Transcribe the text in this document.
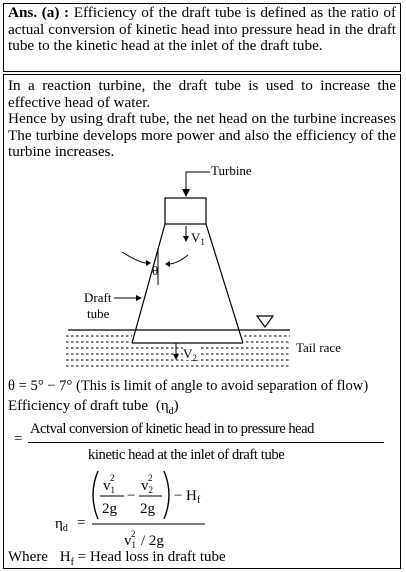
Ans. (a) : Efficiency of the draft tube is defined as the ratio of actual conversion of kinetic head into pressure head in the draft tube to the kinetic head at the inlet of the draft tube.

In a reaction turbine, the draft tube is used to increase the effective head of water.

Hence by using draft tube, the net head on the turbine increases The turbine develops more power and also the efficiency of the turbine increases.

Turbine
$V_1$
θ
Draft
tube
Tail race
$V_2$
θ = 5° − 7° (This is limit of angle to avoid separation of flow)
Efficiency of draft tube $(\eta_d)$
=
Actval conversion of kinetic head in to pressure head
kinetic head at the inlet of draft tube
$\eta_d$ =
$v_1$
2
2g
−
$v_2$
2
2g
− $H_f$
$v_1$
2 / 2g
Where $H_f$ = Head loss in draft tube
